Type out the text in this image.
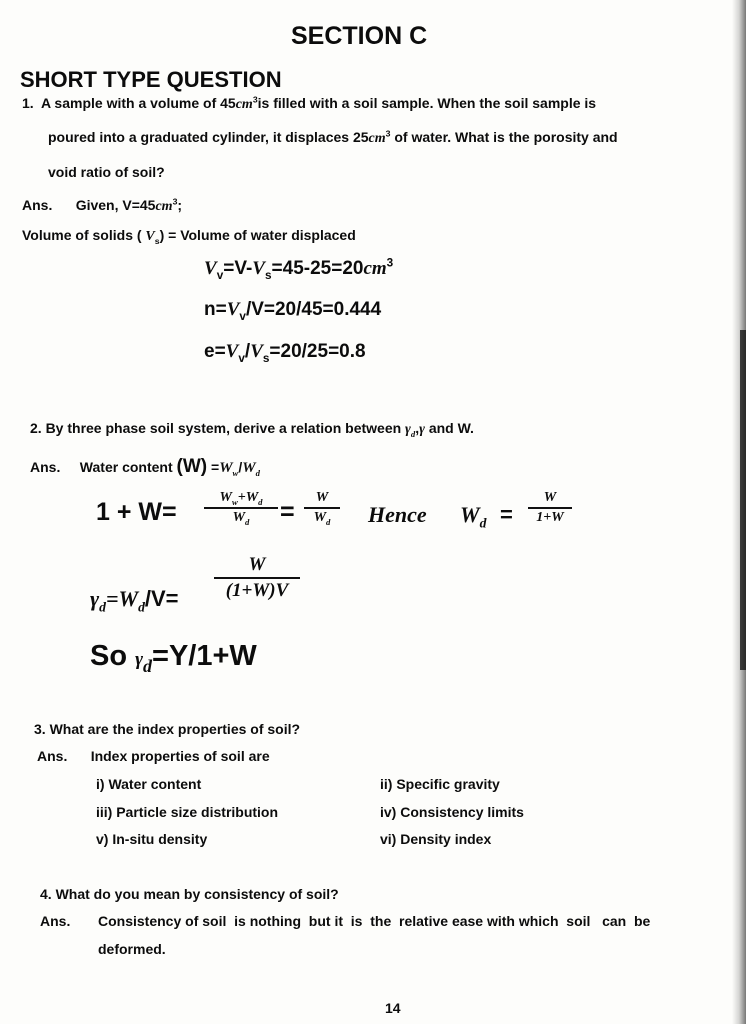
SECTION C
SHORT TYPE QUESTION
1. A sample with a volume of $45cm^3is$ filled with a soil sample. When the soil sample is
poured into a graduated cylinder, it displaces $25cm^3$ of water. What is the porosity and
void ratio of soil?
Ans. Given, $V=45cm^3$;
Volume of solids ( $V_s$) = Volume of water displaced
$V_v=V-V_s=45-25=20cm^3$
$n=V_v/V=20/45=0.444$
$e=V_v/V_s=20/25=0.8$
2. By three phase soil system, derive a relation between $\gamma_d,\gamma$ and W.
Ans. Water content $(W) =W_w/W_d$
1 + W=
$W_w+W_d$
$W_d$	=
W
$W_d$	Hence $W_d$ =
W
1+W
$\gamma_d=W_d/V=$
W
(1+W)V
So $\gamma_d=Y/1+W$
3. What are the index properties of soil?
Ans. Index properties of soil are
i) Water content	ii) Specific gravity
iii) Particle size distribution	iv) Consistency limits
v) In-situ density	vi) Density index
4. What do you mean by consistency of soil?
Ans. Consistency of soil  is nothing  but it  is  the  relative ease with which  soil   can  be
deformed.
14
